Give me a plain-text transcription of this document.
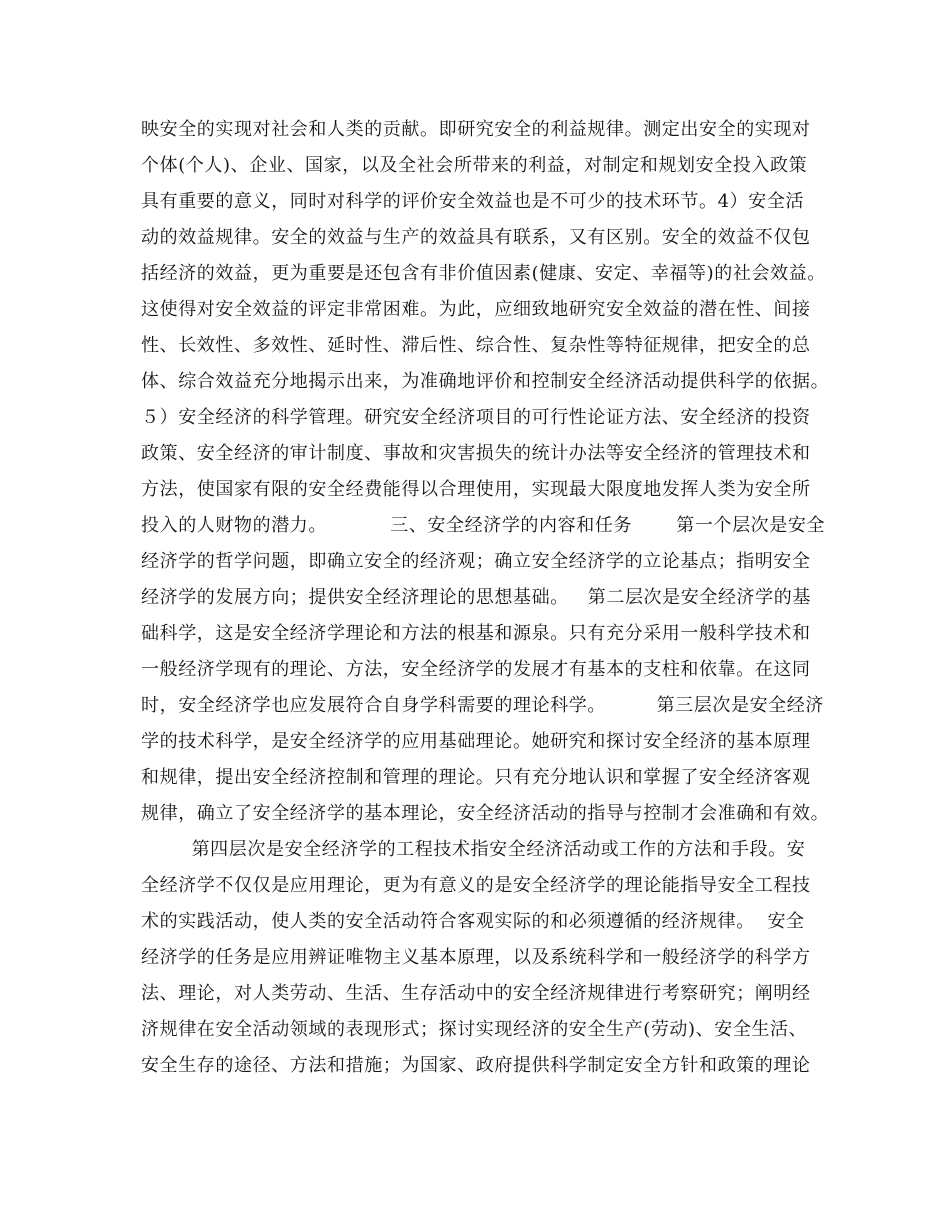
映安全的实现对社会和人类的贡献。即研究安全的利益规律。测定出安全的实现对
个体(个人)、企业、国家，以及全社会所带来的利益，对制定和规划安全投入政策
具有重要的意义，同时对科学的评价安全效益也是不可少的技术环节。4）安全活
动的效益规律。安全的效益与生产的效益具有联系，又有区别。安全的效益不仅包
括经济的效益，更为重要是还包含有非价值因素(健康、安定、幸福等)的社会效益。
这使得对安全效益的评定非常困难。为此，应细致地研究安全效益的潜在性、间接
性、长效性、多效性、延时性、滞后性、综合性、复杂性等特征规律，把安全的总
体、综合效益充分地揭示出来，为准确地评价和控制安全经济活动提供科学的依据。
５）安全经济的科学管理。研究安全经济项目的可行性论证方法、安全经济的投资
政策、安全经济的审计制度、事故和灾害损失的统计办法等安全经济的管理技术和
方法，使国家有限的安全经费能得以合理使用，实现最大限度地发挥人类为安全所
投入的人财物的潜力。          三、安全经济学的内容和任务       第一个层次是安全
经济学的哲学问题，即确立安全的经济观；确立安全经济学的立论基点；指明安全
经济学的发展方向；提供安全经济理论的思想基础。   第二层次是安全经济学的基
础科学，这是安全经济学理论和方法的根基和源泉。只有充分采用一般科学技术和
一般经济学现有的理论、方法，安全经济学的发展才有基本的支柱和依靠。在这同
时，安全经济学也应发展符合自身学科需要的理论科学。        第三层次是安全经济
学的技术科学，是安全经济学的应用基础理论。她研究和探讨安全经济的基本原理
和规律，提出安全经济控制和管理的理论。只有充分地认识和掌握了安全经济客观
规律，确立了安全经济学的基本理论，安全经济活动的指导与控制才会准确和有效。
第四层次是安全经济学的工程技术指安全经济活动或工作的方法和手段。安
全经济学不仅仅是应用理论，更为有意义的是安全经济学的理论能指导安全工程技
术的实践活动，使人类的安全活动符合客观实际的和必须遵循的经济规律。  安全
经济学的任务是应用辨证唯物主义基本原理，以及系统科学和一般经济学的科学方
法、理论，对人类劳动、生活、生存活动中的安全经济规律进行考察研究；阐明经
济规律在安全活动领域的表现形式；探讨实现经济的安全生产(劳动)、安全生活、
安全生存的途径、方法和措施；为国家、政府提供科学制定安全方针和政策的理论
